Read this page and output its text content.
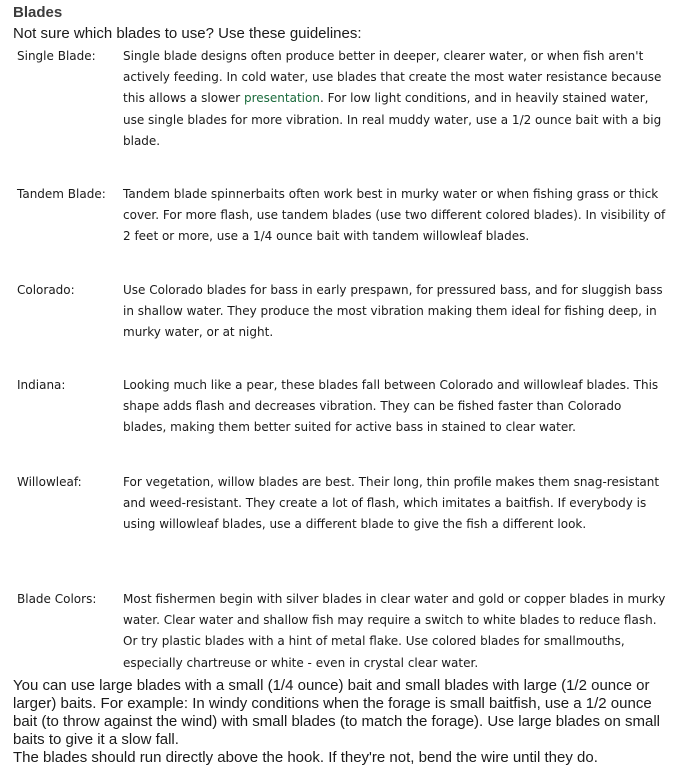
Blades
Not sure which blades to use? Use these guidelines:
Single Blade: Single blade designs often produce better in deeper, clearer water, or when fish aren't actively feeding. In cold water, use blades that create the most water resistance because this allows a slower presentation. For low light conditions, and in heavily stained water, use single blades for more vibration. In real muddy water, use a 1/2 ounce bait with a big blade.
Tandem Blade: Tandem blade spinnerbaits often work best in murky water or when fishing grass or thick cover. For more flash, use tandem blades (use two different colored blades). In visibility of 2 feet or more, use a 1/4 ounce bait with tandem willowleaf blades.
Colorado:	Use Colorado blades for bass in early prespawn, for pressured bass, and for sluggish bass in shallow water. They produce the most vibration making them ideal for fishing deep, in murky water, or at night.
Indiana:	Looking much like a pear, these blades fall between Colorado and willowleaf blades. This shape adds flash and decreases vibration. They can be fished faster than Colorado blades, making them better suited for active bass in stained to clear water.
Willowleaf:	For vegetation, willow blades are best. Their long, thin profile makes them snag-resistant and weed-resistant. They create a lot of flash, which imitates a baitfish. If everybody is using willowleaf blades, use a different blade to give the fish a different look.
Blade Colors: Most fishermen begin with silver blades in clear water and gold or copper blades in murky water. Clear water and shallow fish may require a switch to white blades to reduce flash. Or try plastic blades with a hint of metal flake. Use colored blades for smallmouths, especially chartreuse or white - even in crystal clear water.

You can use large blades with a small (1/4 ounce) bait and small blades with large (1/2 ounce or larger) baits. For example: In windy conditions when the forage is small baitfish, use a 1/2 ounce bait (to throw against the wind) with small blades (to match the forage). Use large blades on small baits to give it a slow fall.

The blades should run directly above the hook. If they're not, bend the wire until they do.
